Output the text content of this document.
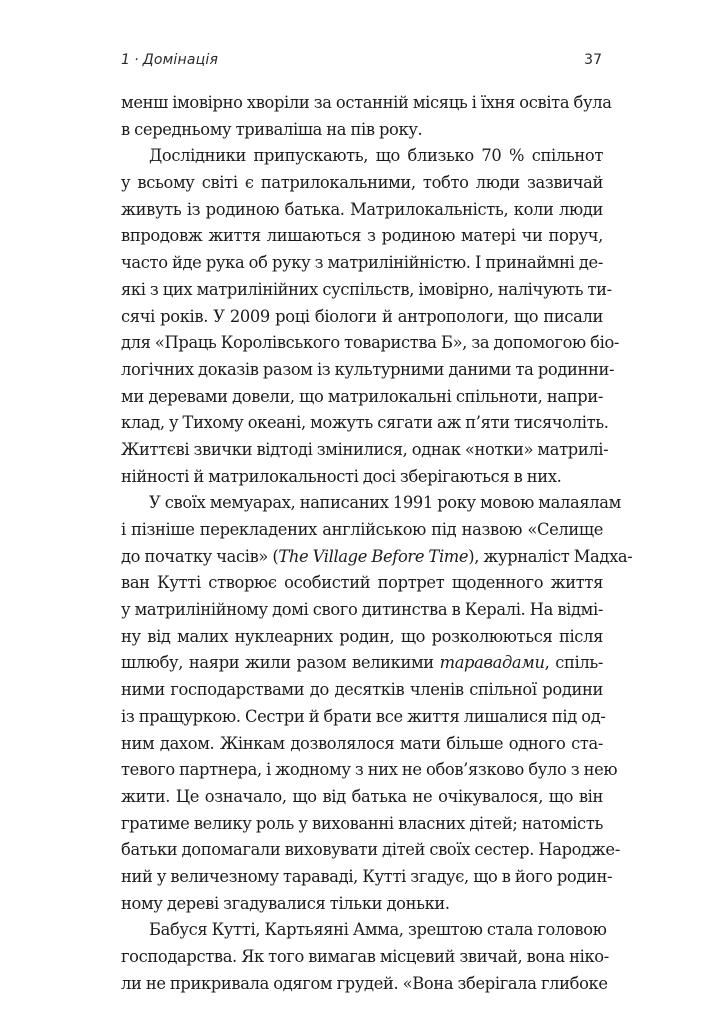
1 · Домінація	37
менш імовірно хворіли за останній місяць і їхня освіта була
в середньому триваліша на пів року.
Дослідники припускають, що близько 70 % спільнот
у всьому світі є патрилокальними, тобто люди зазвичай
живуть із родиною батька. Матрилокальність, коли люди
впродовж життя лишаються з родиною матері чи поруч,
часто йде рука об руку з матрилінійністю. І принаймні де-
які з цих матрилінійних суспільств, імовірно, налічують ти-
сячі років. У 2009 році біологи й антропологи, що писали
для «Праць Королівського товариства Б», за допомогою біо-
логічних доказів разом із культурними даними та родинни-
ми деревами довели, що матрилокальні спільноти, напри-
клад, у Тихому океані, можуть сягати аж п’яти тисячоліть.
Життєві звички відтоді змінилися, однак «нотки» матрилі-
нійності й матрилокальності досі зберігаються в них.
У своїх мемуарах, написаних 1991 року мовою малаялам
і пізніше перекладених англійською під назвою «Селище
до початку часів» (The Village Before Time), журналіст Мадха-
ван Кутті створює особистий портрет щоденного життя
у матрилінійному домі свого дитинства в Кералі. На відмі-
ну від малих нуклеарних родин, що розколюються після
шлюбу, наяри жили разом великими таравадами, спіль-
ними господарствами до десятків членів спільної родини
із пращуркою. Сестри й брати все життя лишалися під од-
ним дахом. Жінкам дозволялося мати більше одного ста-
тевого партнера, і жодному з них не обов’язково було з нею
жити. Це означало, що від батька не очікувалося, що він
гратиме велику роль у вихованні власних дітей; натомість
батьки допомагали виховувати дітей своїх сестер. Народже-
ний у величезному тараваді, Кутті згадує, що в його родин-
ному дереві згадувалися тільки доньки.
Бабуся Кутті, Картьяяні Амма, зрештою стала головою
господарства. Як того вимагав місцевий звичай, вона ніко-
ли не прикривала одягом грудей. «Вона зберігала глибоке
